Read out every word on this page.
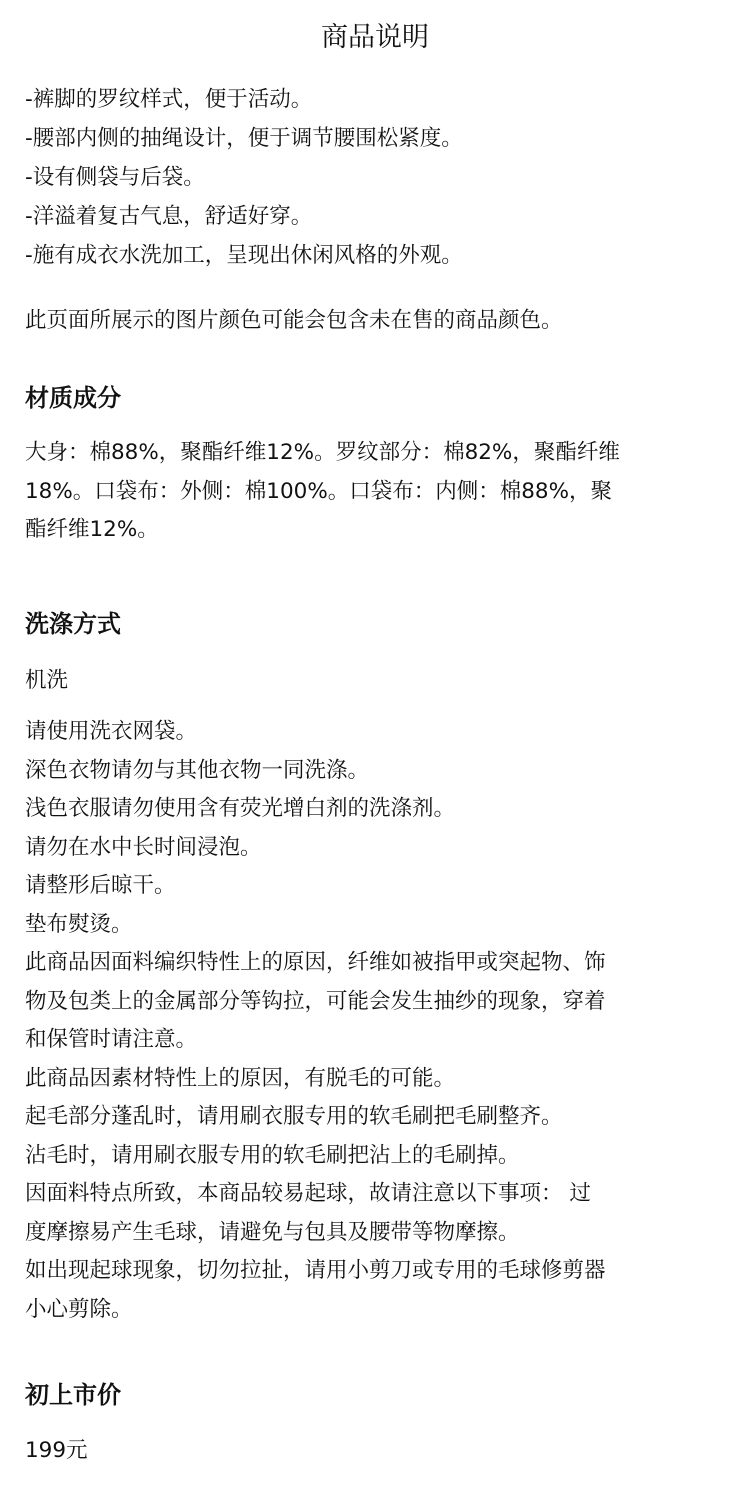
商品说明
-裤脚的罗纹样式，便于活动。
-腰部内侧的抽绳设计，便于调节腰围松紧度。
-设有侧袋与后袋。
-洋溢着复古气息，舒适好穿。
-施有成衣水洗加工，呈现出休闲风格的外观。
此页面所展示的图片颜色可能会包含未在售的商品颜色。
材质成分
大身：棉88%，聚酯纤维12%。罗纹部分：棉82%，聚酯纤维
18%。口袋布：外侧：棉100%。口袋布：内侧：棉88%，聚
酯纤维12%。
洗涤方式
机洗
请使用洗衣网袋。
深色衣物请勿与其他衣物一同洗涤。
浅色衣服请勿使用含有荧光增白剂的洗涤剂。
请勿在水中长时间浸泡。
请整形后晾干。
垫布熨烫。
此商品因面料编织特性上的原因，纤维如被指甲或突起物、饰
物及包类上的金属部分等钩拉，可能会发生抽纱的现象，穿着
和保管时请注意。
此商品因素材特性上的原因，有脱毛的可能。
起毛部分蓬乱时，请用刷衣服专用的软毛刷把毛刷整齐。
沾毛时，请用刷衣服专用的软毛刷把沾上的毛刷掉。
因面料特点所致，本商品较易起球，故请注意以下事项： 过
度摩擦易产生毛球，请避免与包具及腰带等物摩擦。
如出现起球现象，切勿拉扯，请用小剪刀或专用的毛球修剪器
小心剪除。
初上市价
199元
